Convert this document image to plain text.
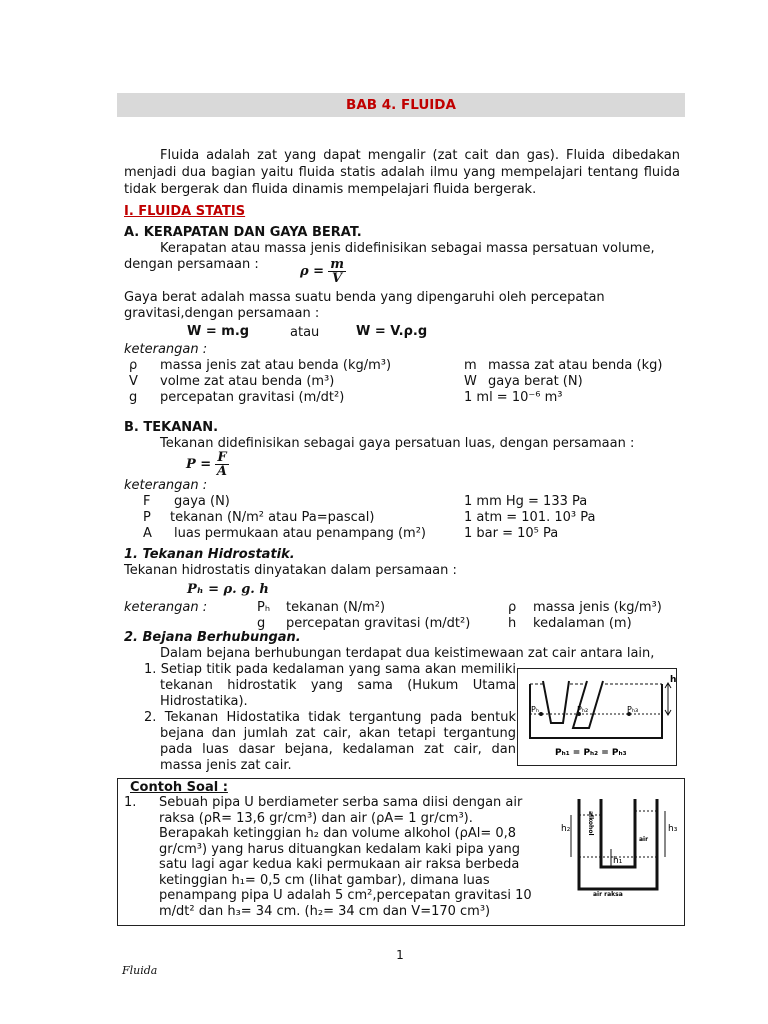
BAB 4. FLUIDA

Fluida adalah zat yang dapat mengalir (zat cait dan gas). Fluida dibedakan menjadi dua bagian yaitu fluida statis adalah ilmu yang mempelajari tentang fluida tidak bergerak dan fluida dinamis mempelajari fluida bergerak.

I. FLUIDA STATIS
A. KERAPATAN DAN GAYA BERAT.
Kerapatan atau massa jenis didefinisikan sebagai massa persatuan volume,
dengan persamaan :	$\rho = \frac{m}{V}$
Gaya berat adalah massa suatu benda yang dipengaruhi oleh percepatan
gravitasi,dengan persamaan :
W = m.g	atau	W = V.ρ.g
keterangan :
ρ massa jenis zat atau benda (kg/m³)	m massa zat atau benda (kg)
V volme zat atau benda (m³)	W gaya berat (N)
g percepatan gravitasi (m/dt²)	1 ml = 10⁻⁶ m³
B. TEKANAN.
Tekanan didefinisikan sebagai gaya persatuan luas, dengan persamaan :
$P = \frac{F}{A}$
keterangan :
F gaya (N)	1 mm Hg = 133 Pa
P tekanan (N/m² atau Pa=pascal)	1 atm = 101. 10³ Pa
A luas permukaan atau penampang (m²)	1 bar = 10⁵ Pa
1. Tekanan Hidrostatik.
Tekanan hidrostatis dinyatakan dalam persamaan :
Pₕ = ρ. g. h
keterangan :	Pₕ tekanan (N/m²)	ρ massa jenis (kg/m³)
g percepatan gravitasi (m/dt²)	h kedalaman (m)
2. Bejana Berhubungan.
Dalam bejana berhubungan terdapat dua keistimewaan zat cair antara lain,
1. Setiap titik pada kedalaman yang sama akan memiliki tekanan hidrostatik yang sama (Hukum Utama Hidrostatika).
2. Tekanan Hidostatika tidak tergantung pada bentuk bejana dan jumlah zat cair, akan tetapi tergantung pada luas dasar bejana, kedalaman zat cair, dan massa jenis zat cair.
h
Pₕ	Pₕ₂	Pₕ₃
Pₕ₁ = Pₕ₂ = Pₕ₃
Contoh Soal :
1. Sebuah pipa U berdiameter serba sama diisi dengan air
raksa (ρR= 13,6 gr/cm³) dan air (ρA= 1 gr/cm³).
Berapakah ketinggian h₂ dan volume alkohol (ρAl= 0,8
gr/cm³) yang harus dituangkan kedalam kaki pipa yang
satu lagi agar kedua kaki permukaan air raksa berbeda
ketinggian h₁= 0,5 cm (lihat gambar), dimana luas
penampang pipa U adalah 5 cm²,percepatan gravitasi 10
m/dt² dan h₃= 34 cm. (h₂= 34 cm dan V=170 cm³)
h₂
h₁
h₃
air
alkohol
air raksa
1
Fluida
